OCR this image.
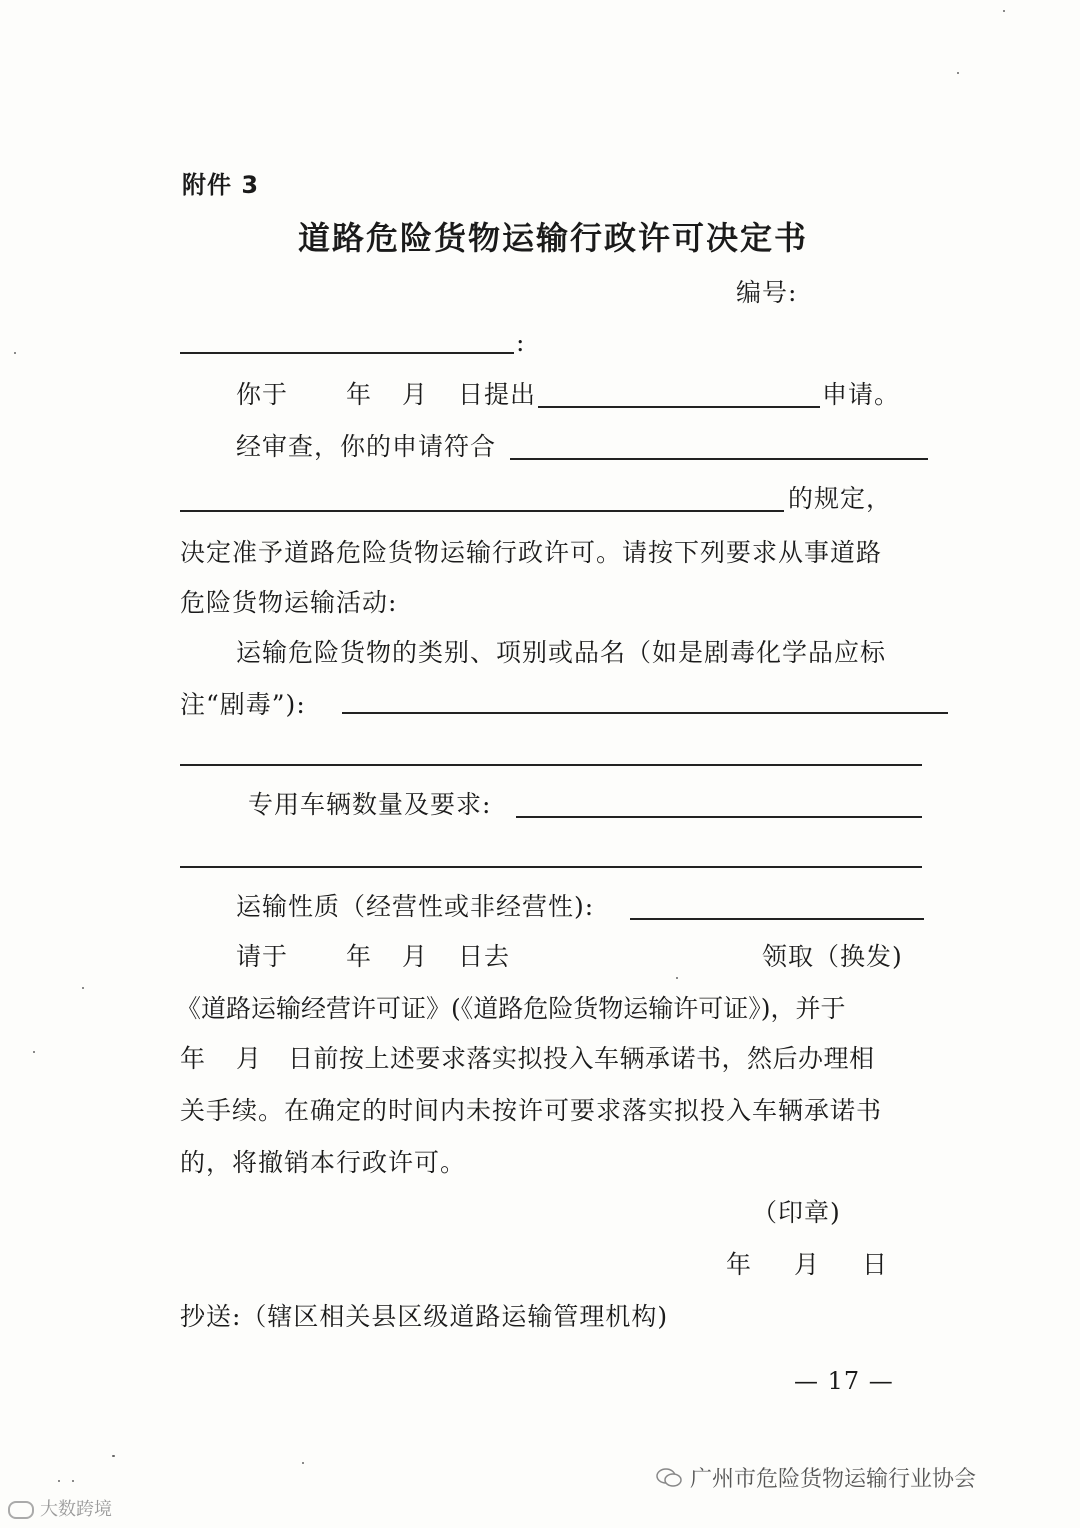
附件 3
道路危险货物运输行政许可决定书
编号:
:
你于 年 月 日提出	申请。
经审查，你的申请符合
的规定，
决定准予道路危险货物运输行政许可。请按下列要求从事道路
危险货物运输活动:
运输危险货物的类别、项别或品名（如是剧毒化学品应标
注“剧毒”):
专用车辆数量及要求:
运输性质（经营性或非经营性):
请于 年 月 日去	领取（换发)
《道路运输经营许可证》(《道路危险货物运输许可证》)，并于
年 月 日前按上述要求落实拟投入车辆承诺书，然后办理相
关手续。在确定的时间内未按许可要求落实拟投入车辆承诺书
的，将撤销本行政许可。
（印章)
年 月 日
抄送:（辖区相关县区级道路运输管理机构)
— 17 —
广州市危险货物运输行业协会
大数跨境
